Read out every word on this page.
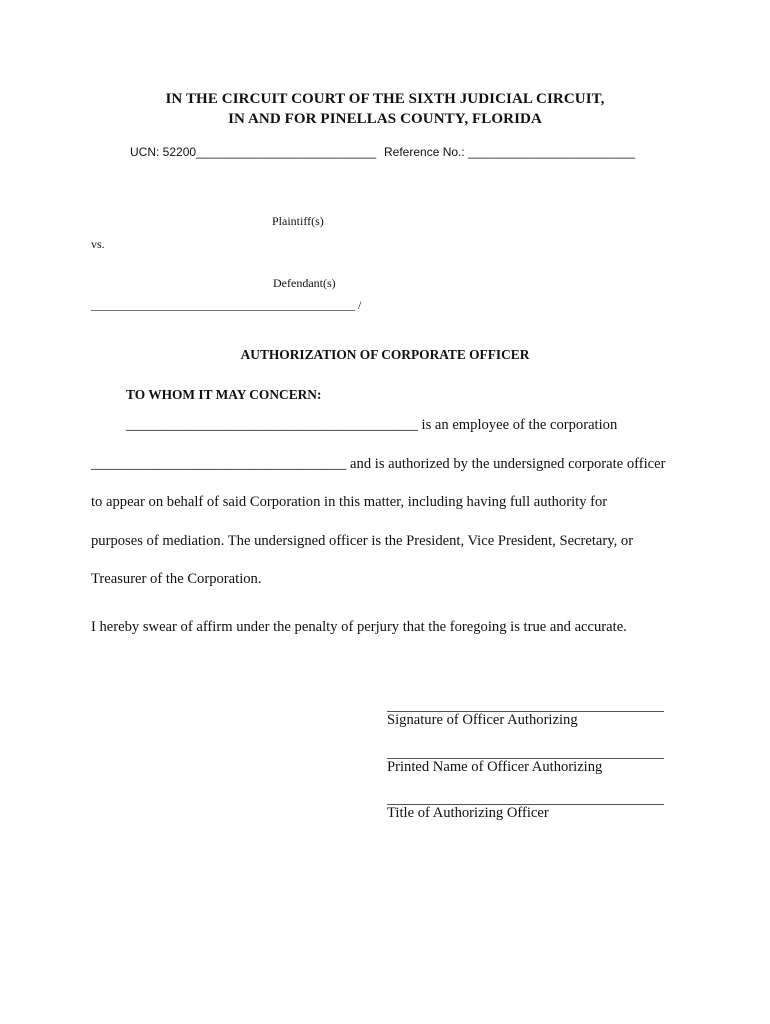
IN THE CIRCUIT COURT OF THE SIXTH JUDICIAL CIRCUIT,
IN AND FOR PINELLAS COUNTY, FLORIDA
UCN: 52200___________________________ Reference No.: _________________________
Plaintiff(s)
vs.
Defendant(s)
____________________________________________ /
AUTHORIZATION OF CORPORATE OFFICER
TO WHOM IT MAY CONCERN:
________________________________________ is an employee of the corporation
___________________________________ and is authorized by the undersigned corporate officer
to appear on behalf of said Corporation in this matter, including having full authority for
purposes of mediation. The undersigned officer is the President, Vice President, Secretary, or
Treasurer of the Corporation.
I hereby swear of affirm under the penalty of perjury that the foregoing is true and accurate.
Signature of Officer Authorizing
Printed Name of Officer Authorizing
Title of Authorizing Officer
